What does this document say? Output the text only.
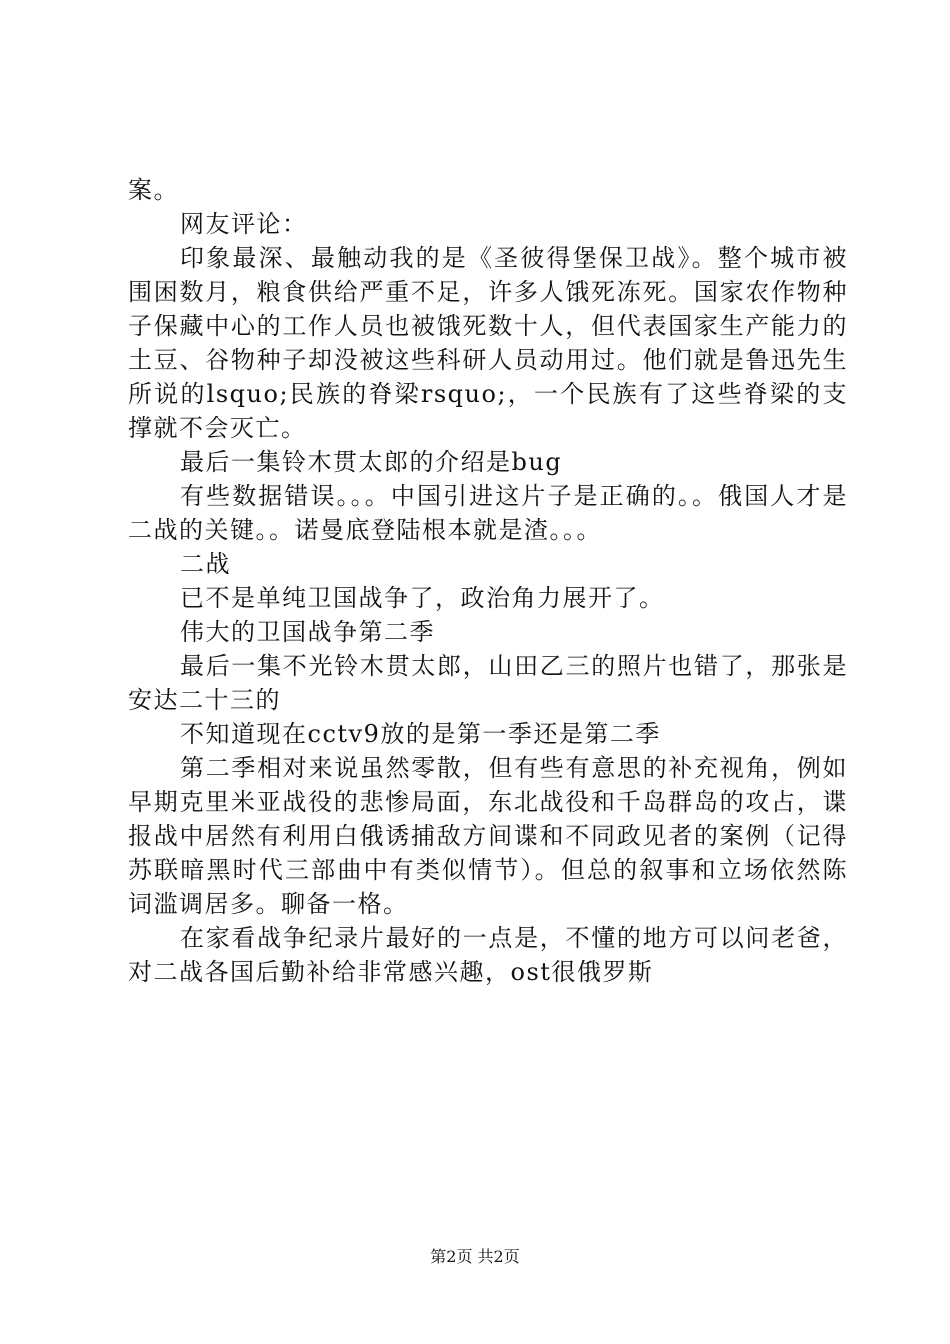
案。

网友评论：

印象最深、最触动我的是《圣彼得堡保卫战》。整个城市被围困数月，粮食供给严重不足，许多人饿死冻死。国家农作物种子保藏中心的工作人员也被饿死数十人，但代表国家生产能力的土豆、谷物种子却没被这些科研人员动用过。他们就是鲁迅先生所说的lsquo;民族的脊梁rsquo;，一个民族有了这些脊梁的支撑就不会灭亡。

最后一集铃木贯太郎的介绍是bug

有些数据错误。。。中国引进这片子是正确的。。俄国人才是二战的关键。。诺曼底登陆根本就是渣。。。

二战

已不是单纯卫国战争了，政治角力展开了。

伟大的卫国战争第二季

最后一集不光铃木贯太郎，山田乙三的照片也错了，那张是安达二十三的

不知道现在cctv9放的是第一季还是第二季

第二季相对来说虽然零散，但有些有意思的补充视角，例如早期克里米亚战役的悲惨局面，东北战役和千岛群岛的攻占，谍报战中居然有利用白俄诱捕敌方间谍和不同政见者的案例（记得苏联暗黑时代三部曲中有类似情节）。但总的叙事和立场依然陈词滥调居多。聊备一格。

在家看战争纪录片最好的一点是，不懂的地方可以问老爸，对二战各国后勤补给非常感兴趣，ost很俄罗斯

第2页 共2页
